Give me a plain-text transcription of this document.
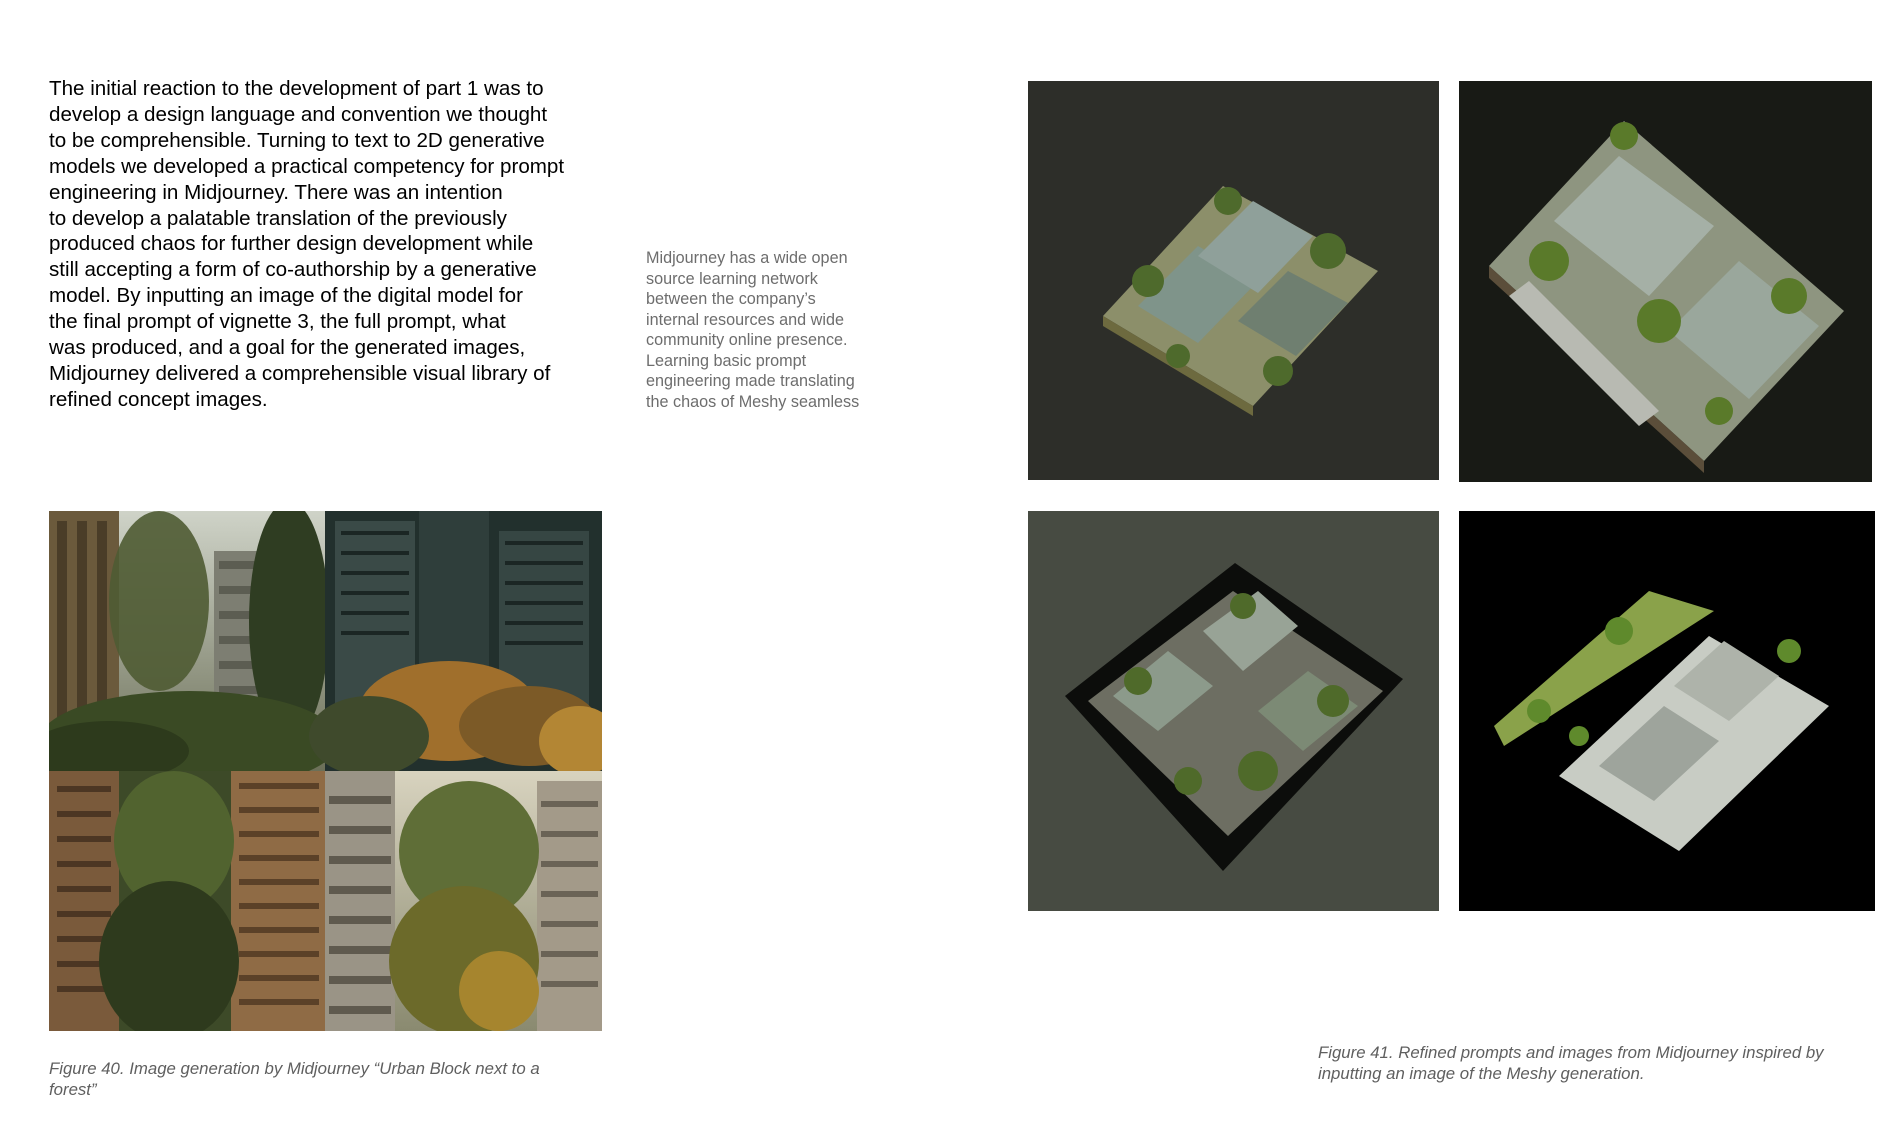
The initial reaction to the development of part 1 was to
develop a design language and convention we thought
to be comprehensible. Turning to text to 2D generative
models we developed a practical competency for prompt
engineering in Midjourney. There was an intention
to develop a palatable translation of the previously
produced chaos for further design development while
still accepting a form of co-authorship by a generative
model. By inputting an image of the digital model for
the final prompt of vignette 3, the full prompt, what
was produced, and a goal for the generated images,
Midjourney delivered a comprehensible visual library of
refined concept images.
Midjourney has a wide open
source learning network
between the company’s
internal resources and wide
community online presence.
Learning basic prompt
engineering made translating
the chaos of Meshy seamless
Figure 40. Image generation by Midjourney “Urban Block next to a
forest”
Figure 41. Refined prompts and images from Midjourney inspired by
inputting an image of the Meshy generation.
